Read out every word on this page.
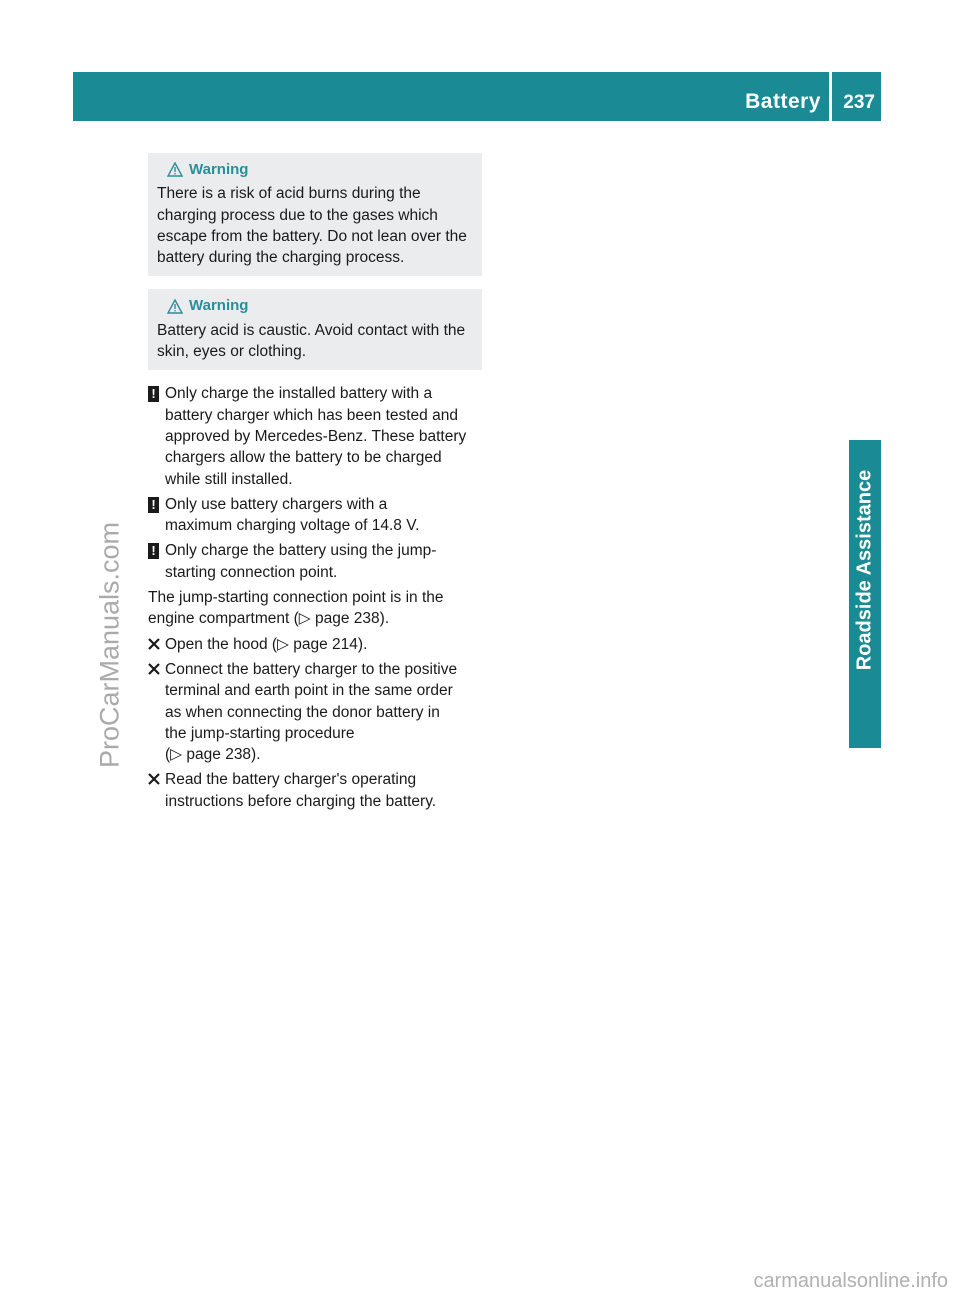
Battery 237
Roadside Assistance
ProCarManuals.com
carmanualsonline.info
Warning
There is a risk of acid burns during the
charging process due to the gases which
escape from the battery. Do not lean over the
battery during the charging process.
Warning
Battery acid is caustic. Avoid contact with the
skin, eyes or clothing.
! Only charge the installed battery with a
battery charger which has been tested and
approved by Mercedes-Benz. These battery
chargers allow the battery to be charged
while still installed.
! Only use battery chargers with a
maximum charging voltage of 14.8 V.
! Only charge the battery using the jump-
starting connection point.
The jump-starting connection point is in the
engine compartment (▷ page 238).
Open the hood (▷ page 214).
Connect the battery charger to the positive
terminal and earth point in the same order
as when connecting the donor battery in
the jump-starting procedure
(▷ page 238).
Read the battery charger's operating
instructions before charging the battery.
